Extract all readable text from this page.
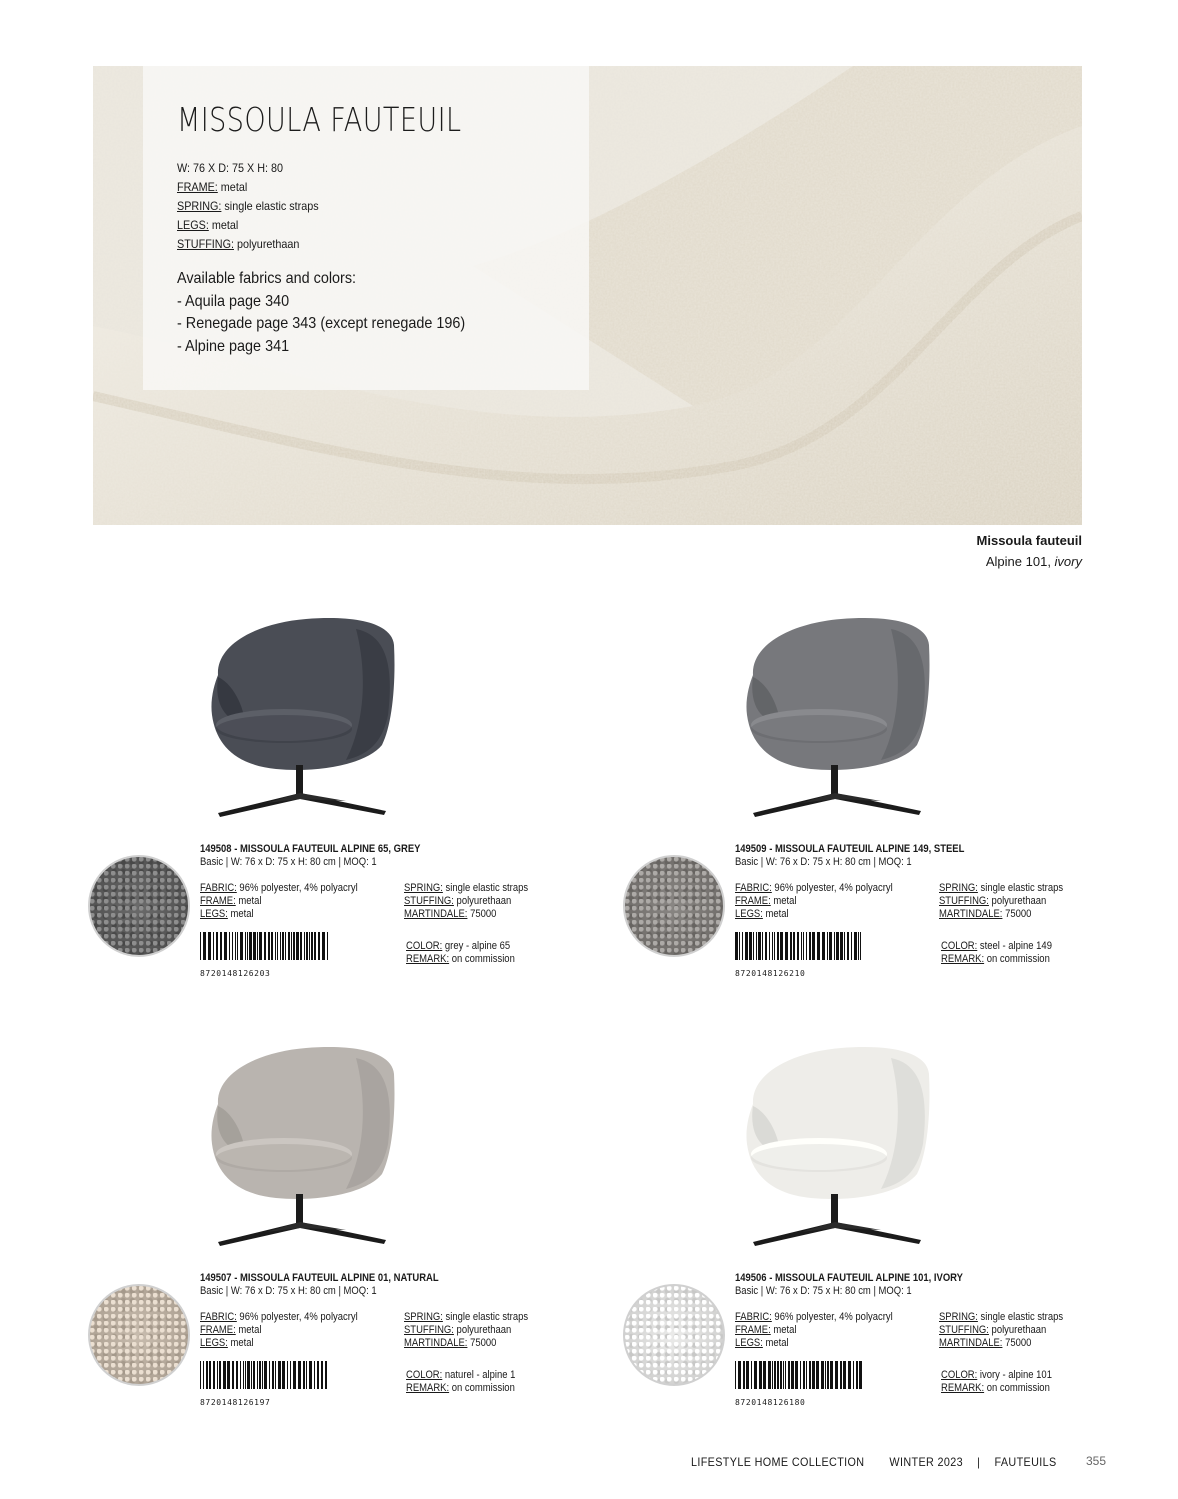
MISSOULA FAUTEUIL
W: 76 X D: 75 X H: 80
FRAME: metal
SPRING: single elastic straps
LEGS: metal
STUFFING: polyurethaan
Available fabrics and colors:
- Aquila page 340
- Renegade page 343 (except renegade 196)
- Alpine page 341
Missoula fauteuil
Alpine 101, ivory
149508 - MISSOULA FAUTEUIL ALPINE 65, GREY
Basic | W: 76 x D: 75 x H: 80 cm | MOQ: 1
FABRIC: 96% polyester, 4% polyacryl
FRAME: metal
LEGS: metal
SPRING: single elastic straps
STUFFING: polyurethaan
MARTINDALE: 75000
COLOR: grey - alpine 65
REMARK: on commission
8720148126203
149509 - MISSOULA FAUTEUIL ALPINE 149, STEEL
Basic | W: 76 x D: 75 x H: 80 cm | MOQ: 1
FABRIC: 96% polyester, 4% polyacryl
FRAME: metal
LEGS: metal
SPRING: single elastic straps
STUFFING: polyurethaan
MARTINDALE: 75000
COLOR: steel - alpine 149
REMARK: on commission
8720148126210
149507 - MISSOULA FAUTEUIL ALPINE 01, NATURAL
Basic | W: 76 x D: 75 x H: 80 cm | MOQ: 1
FABRIC: 96% polyester, 4% polyacryl
FRAME: metal
LEGS: metal
SPRING: single elastic straps
STUFFING: polyurethaan
MARTINDALE: 75000
COLOR: naturel - alpine 1
REMARK: on commission
8720148126197
149506 - MISSOULA FAUTEUIL ALPINE 101, IVORY
Basic | W: 76 x D: 75 x H: 80 cm | MOQ: 1
FABRIC: 96% polyester, 4% polyacryl
FRAME: metal
LEGS: metal
SPRING: single elastic straps
STUFFING: polyurethaan
MARTINDALE: 75000
COLOR: ivory - alpine 101
REMARK: on commission
8720148126180
LIFESTYLE HOME COLLECTION WINTER 2023 | FAUTEUILS 355
